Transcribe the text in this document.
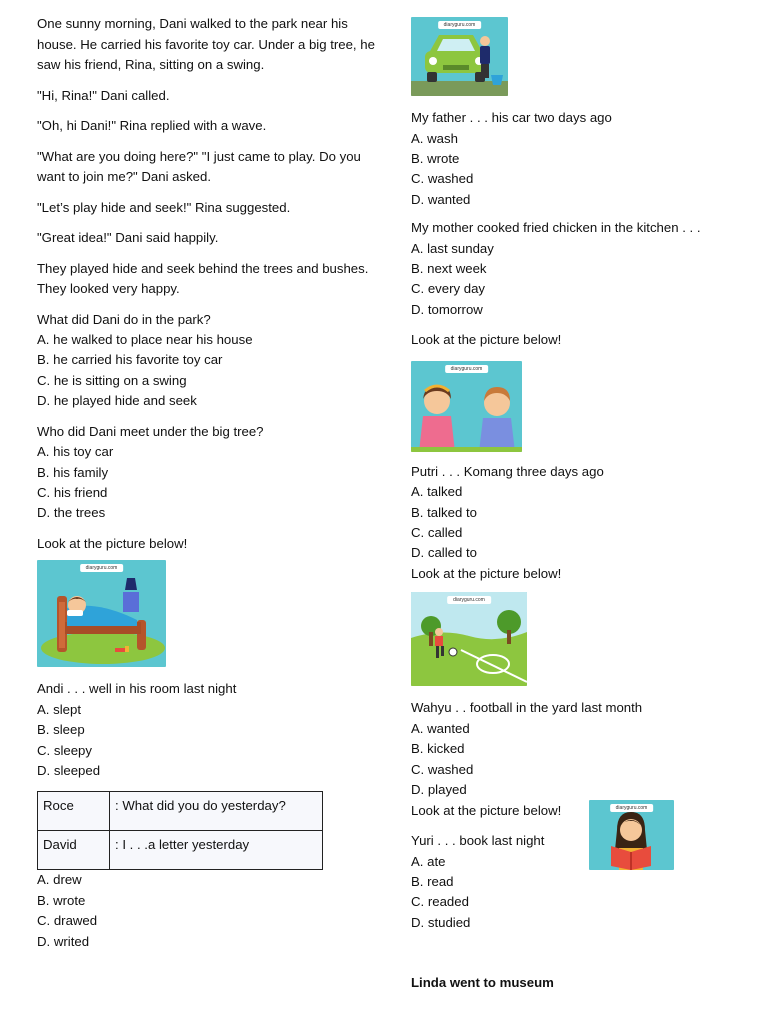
One sunny morning, Dani walked to the park near his house. He carried his favorite toy car. Under a big tree, he saw his friend, Rina, sitting on a swing.

"Hi, Rina!" Dani called.

"Oh, hi Dani!" Rina replied with a wave.

"What are you doing here?" "I just came to play. Do you want to join me?" Dani asked.

"Let’s play hide and seek!" Rina suggested.

"Great idea!" Dani said happily.

They played hide and seek behind the trees and bushes. They looked very happy.

What did Dani do in the park?

A. he walked to place near his house

B. he carried his favorite toy car

C. he is sitting on a swing

D. he played hide and seek

Who did Dani meet under the big tree?

A. his toy car

B. his family

C. his friend

D. the trees

Look at the picture below!

diaryguru.com

Andi . . . well in his room last night

A. slept

B. sleep

C. sleepy

D. sleeped

Roce	: What did you do yesterday?
David	: I . . .a letter yesterday

A. drew

B. wrote

C. drawed

D. writed

diaryguru.com

My father . . . his car two days ago

A. wash

B. wrote

C. washed

D. wanted

My mother cooked fried chicken in the kitchen . . .

A. last sunday

B. next week

C. every day

D. tomorrow

Look at the picture below!

diaryguru.com

Putri . . . Komang three days ago

A. talked

B. talked to

C. called

D. called to

Look at the picture below!

diaryguru.com

Wahyu . . football in the yard last month

A. wanted

B. kicked

C. washed

D. played

Look at the picture below!

Yuri . . . book last night

A. ate

B. read

C. readed

D. studied

diaryguru.com

Linda went to museum
